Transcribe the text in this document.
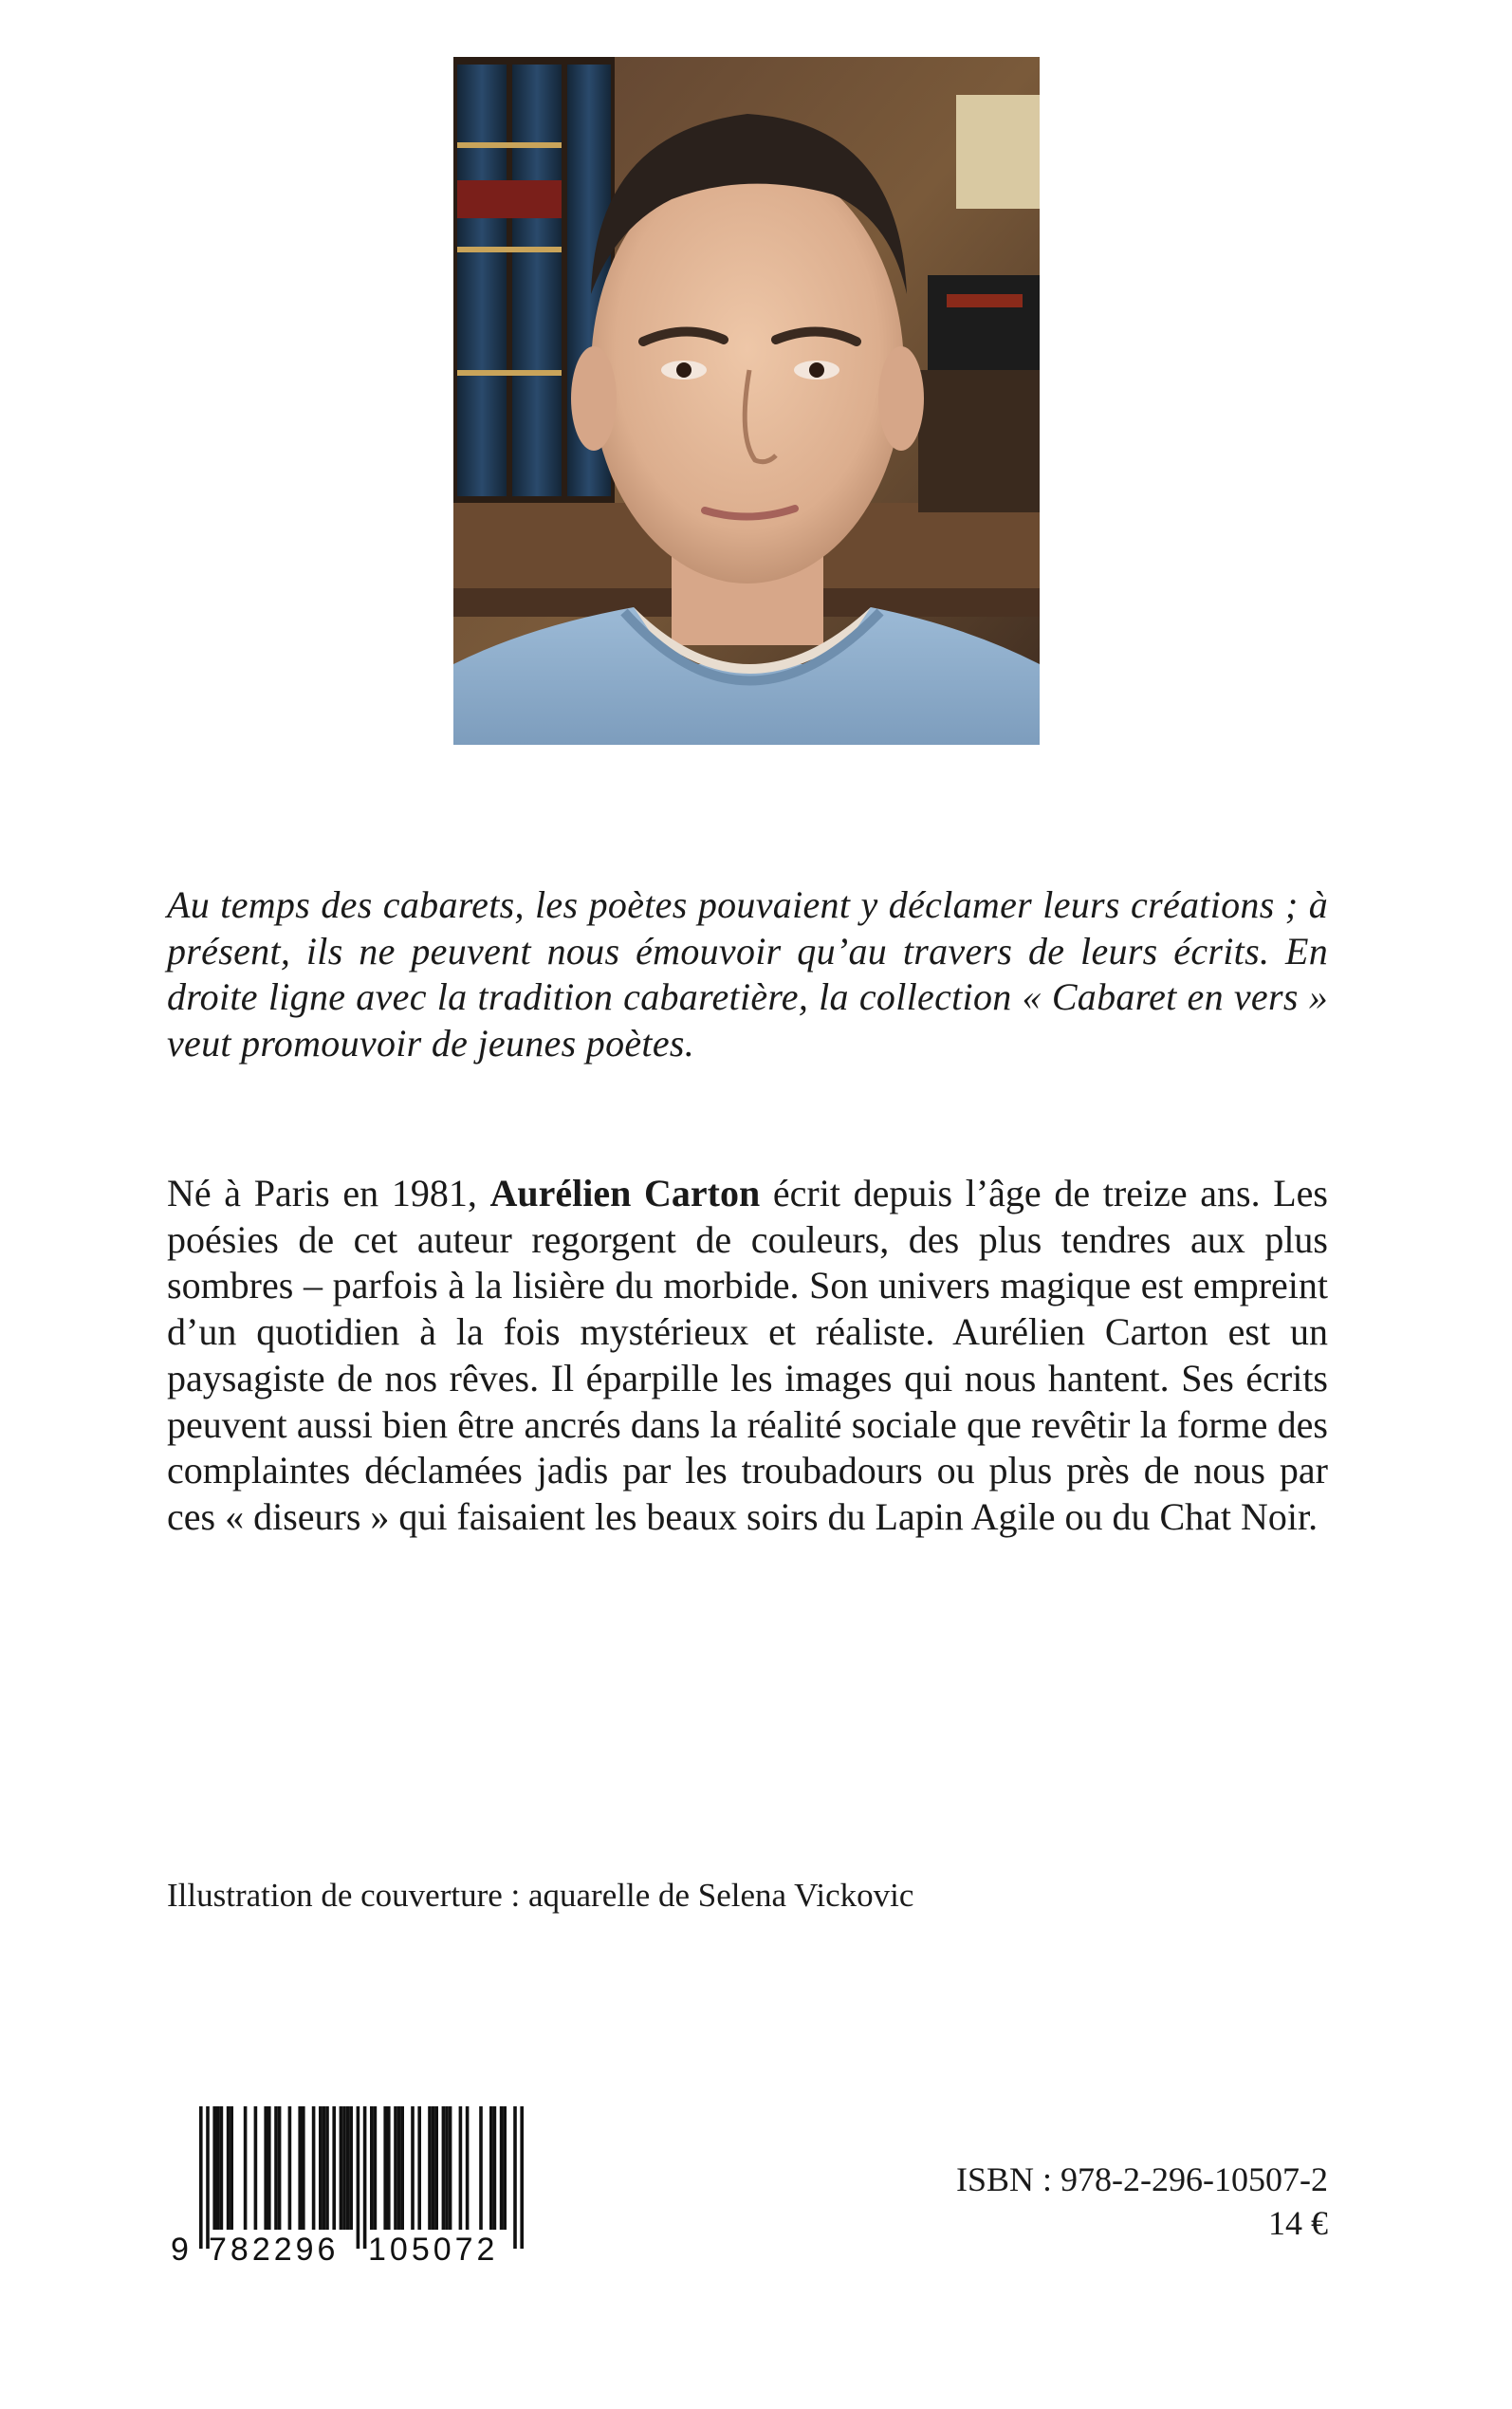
Au temps des cabarets, les poètes pouvaient y déclamer leurs créations ; à présent, ils ne peuvent nous émouvoir qu’au travers de leurs écrits. En droite ligne avec la tradition cabaretière, la collection « Cabaret en vers » veut promouvoir de jeunes poètes.

Né à Paris en 1981, Aurélien Carton écrit depuis l’âge de treize ans. Les poésies de cet auteur regorgent de couleurs, des plus tendres aux plus sombres – parfois à la lisière du morbide. Son univers magique est empreint d’un quotidien à la fois mystérieux et réaliste. Aurélien Carton est un paysagiste de nos rêves. Il éparpille les images qui nous hantent. Ses écrits peuvent aussi bien être ancrés dans la réalité sociale que revêtir la forme des complaintes déclamées jadis par les troubadours ou plus près de nous par ces « diseurs » qui faisaient les beaux soirs du Lapin Agile ou du Chat Noir.

Illustration de couverture : aquarelle de Selena Vickovic

9 782296 105072

ISBN : 978-2-296-10507-2

14 €
